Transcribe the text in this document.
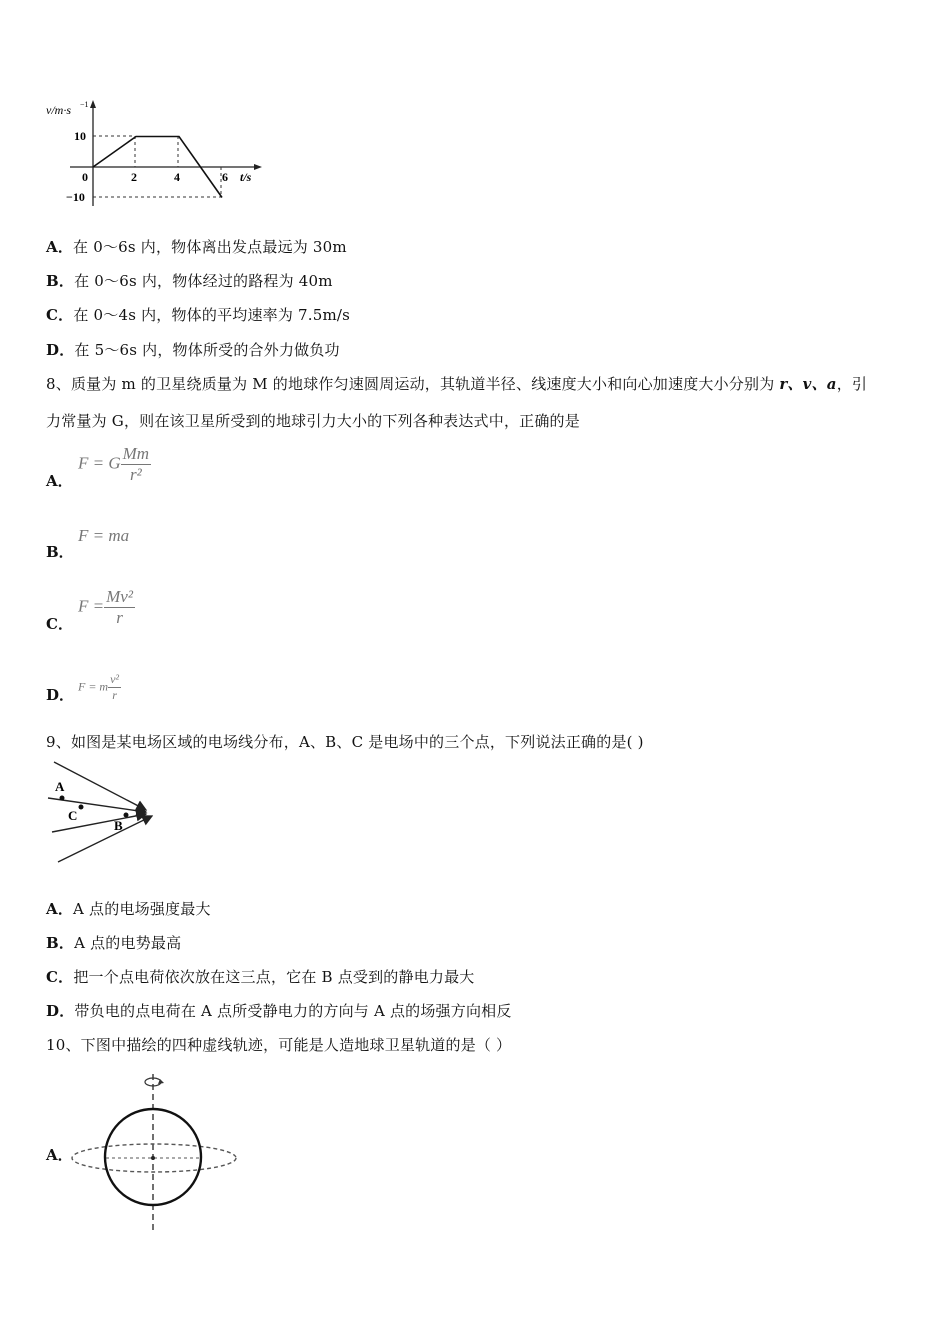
v/m·s −1
10
0	2	4	6 t/s
−10
A．在 0～6s 内，物体离出发点最远为 30m
B．在 0～6s 内，物体经过的路程为 40m
C．在 0～4s 内，物体的平均速率为 7.5m/s
D．在 5～6s 内，物体所受的合外力做负功
8、质量为 m 的卫星绕质量为 M 的地球作匀速圆周运动，其轨道半径、线速度大小和向心加速度大小分别为 r、v、a，引
力常量为 G，则在该卫星所受到的地球引力大小的下列各种表达式中，正确的是
A．
F = G $\frac{Mm}{\text{r²}}$
B．
F = ma
C．
$F = \frac{\text{Mv²}}{r}$
D． F = m $\frac{\text{v²}}{r}$
9、如图是某电场区域的电场线分布，A、B、C 是电场中的三个点，下列说法正确的是( )
A
C
B
A．A 点的电场强度最大
B．A 点的电势最高
C．把一个点电荷依次放在这三点，它在 B 点受到的静电力最大
D．带负电的点电荷在 A 点所受静电力的方向与 A 点的场强方向相反
10、下图中描绘的四种虚线轨迹，可能是人造地球卫星轨道的是（ ）
A．
